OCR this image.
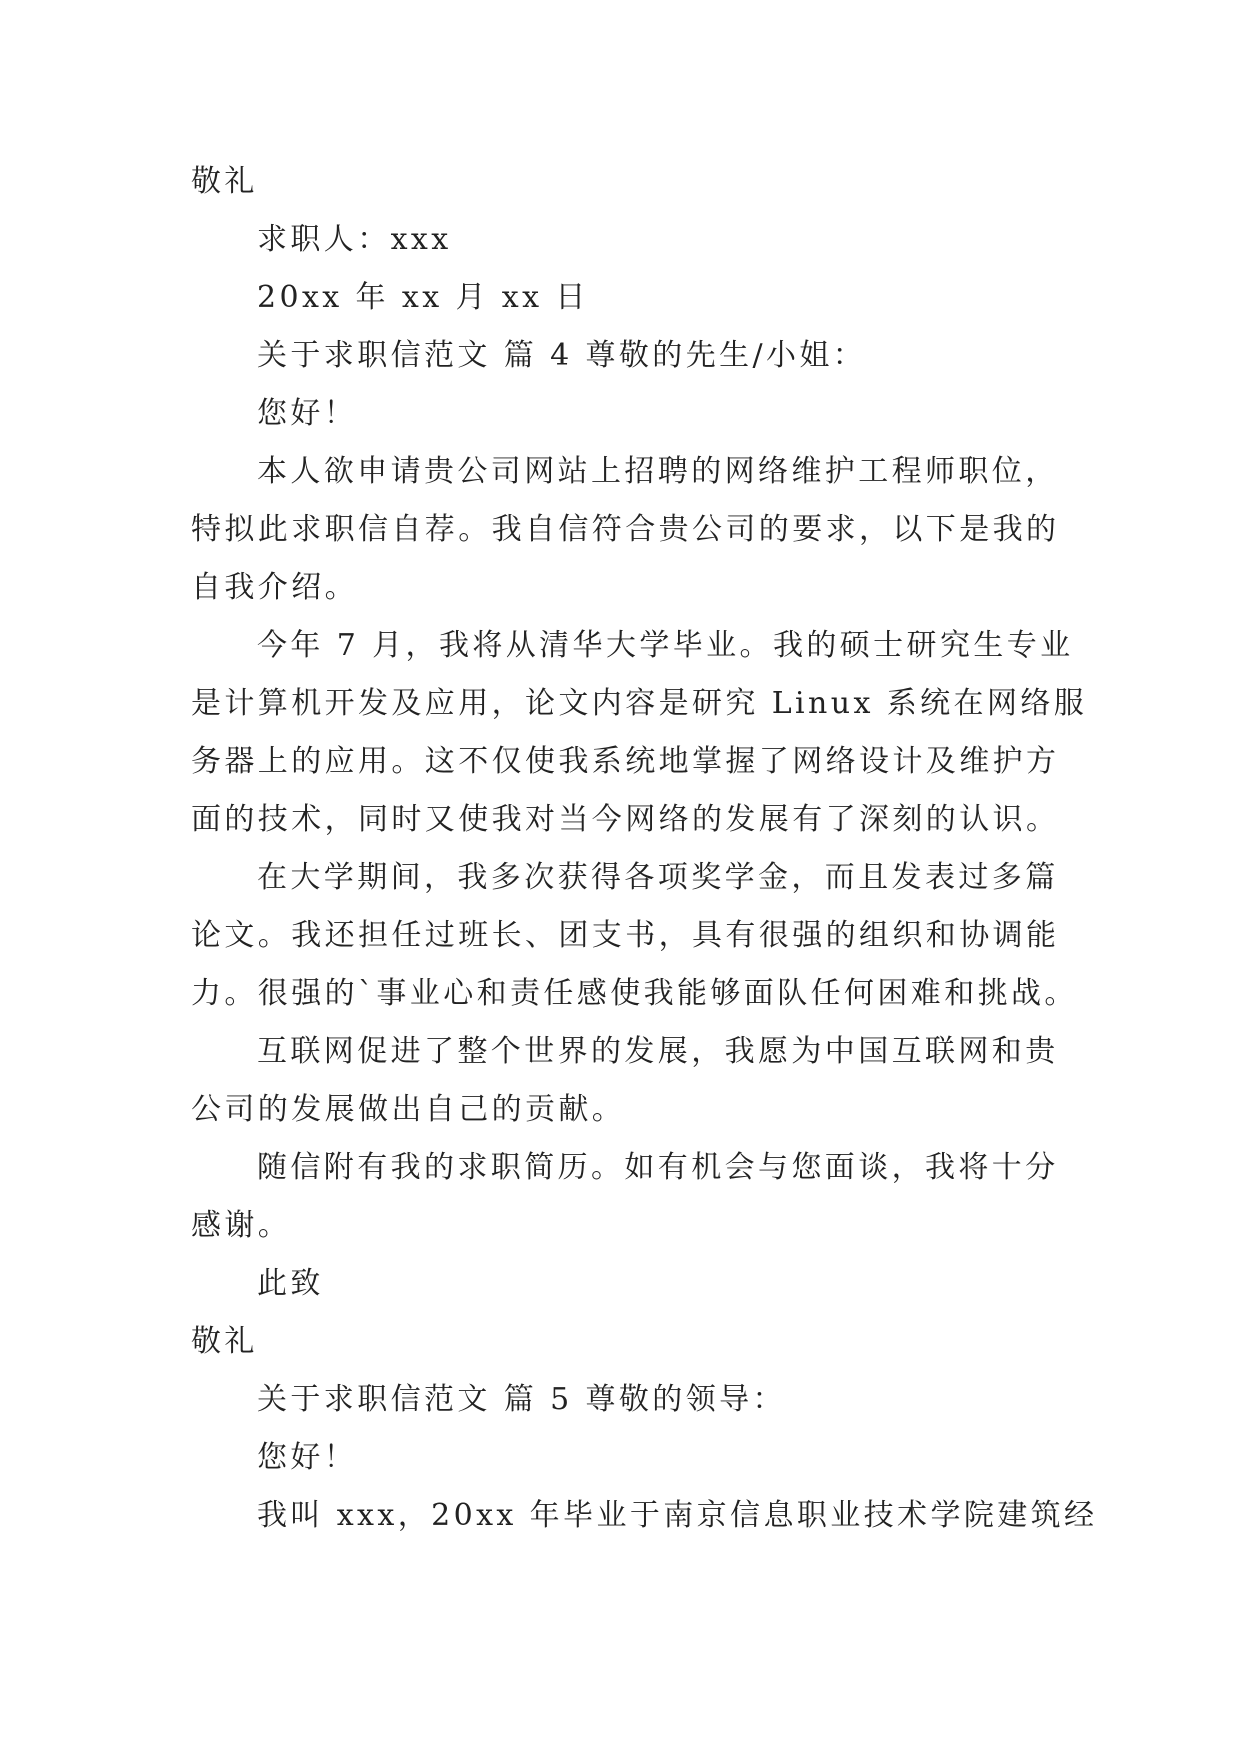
敬礼
求职人：xxx
20xx 年 xx 月 xx 日
关于求职信范文 篇 4 尊敬的先生/小姐：
您好！
本人欲申请贵公司网站上招聘的网络维护工程师职位，
特拟此求职信自荐。我自信符合贵公司的要求，以下是我的
自我介绍。
今年 7 月，我将从清华大学毕业。我的硕士研究生专业
是计算机开发及应用，论文内容是研究 Linux 系统在网络服
务器上的应用。这不仅使我系统地掌握了网络设计及维护方
面的技术，同时又使我对当今网络的发展有了深刻的认识。
在大学期间，我多次获得各项奖学金，而且发表过多篇
论文。我还担任过班长、团支书，具有很强的组织和协调能
力。很强的`事业心和责任感使我能够面队任何困难和挑战。
互联网促进了整个世界的发展，我愿为中国互联网和贵
公司的发展做出自己的贡献。
随信附有我的求职简历。如有机会与您面谈，我将十分
感谢。
此致
敬礼
关于求职信范文 篇 5 尊敬的领导：
您好！
我叫 xxx，20xx 年毕业于南京信息职业技术学院建筑经
